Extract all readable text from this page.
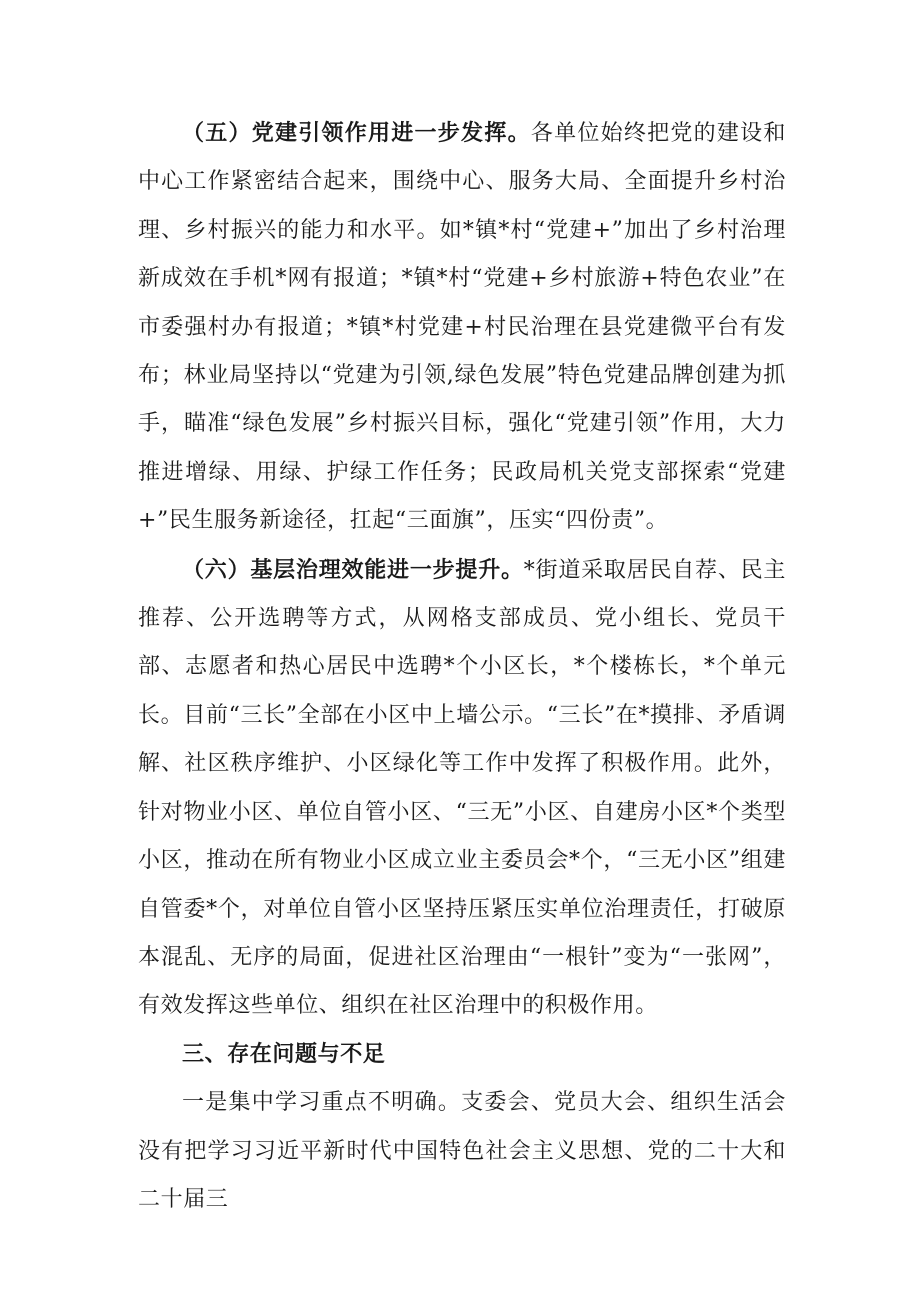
（五）党建引领作用进一步发挥。各单位始终把党的建设和中心工作紧密结合起来，围绕中心、服务大局、全面提升乡村治理、乡村振兴的能力和水平。如*镇*村“党建+”加出了乡村治理新成效在手机*网有报道；*镇*村“党建+乡村旅游+特色农业”在市委强村办有报道；*镇*村党建+村民治理在县党建微平台有发布；林业局坚持以“党建为引领,绿色发展”特色党建品牌创建为抓手，瞄准“绿色发展”乡村振兴目标，强化“党建引领”作用，大力推进增绿、用绿、护绿工作任务；民政局机关党支部探索“党建+”民生服务新途径，扛起“三面旗”，压实“四份责”。

（六）基层治理效能进一步提升。*街道采取居民自荐、民主推荐、公开选聘等方式，从网格支部成员、党小组长、党员干部、志愿者和热心居民中选聘*个小区长，*个楼栋长，*个单元长。目前“三长”全部在小区中上墙公示。“三长”在*摸排、矛盾调解、社区秩序维护、小区绿化等工作中发挥了积极作用。此外，针对物业小区、单位自管小区、“三无”小区、自建房小区*个类型小区，推动在所有物业小区成立业主委员会*个，“三无小区”组建自管委*个，对单位自管小区坚持压紧压实单位治理责任，打破原本混乱、无序的局面，促进社区治理由“一根针”变为“一张网”，有效发挥这些单位、组织在社区治理中的积极作用。

三、存在问题与不足

一是集中学习重点不明确。支委会、党员大会、组织生活会没有把学习习近平新时代中国特色社会主义思想、党的二十大和二十届三
